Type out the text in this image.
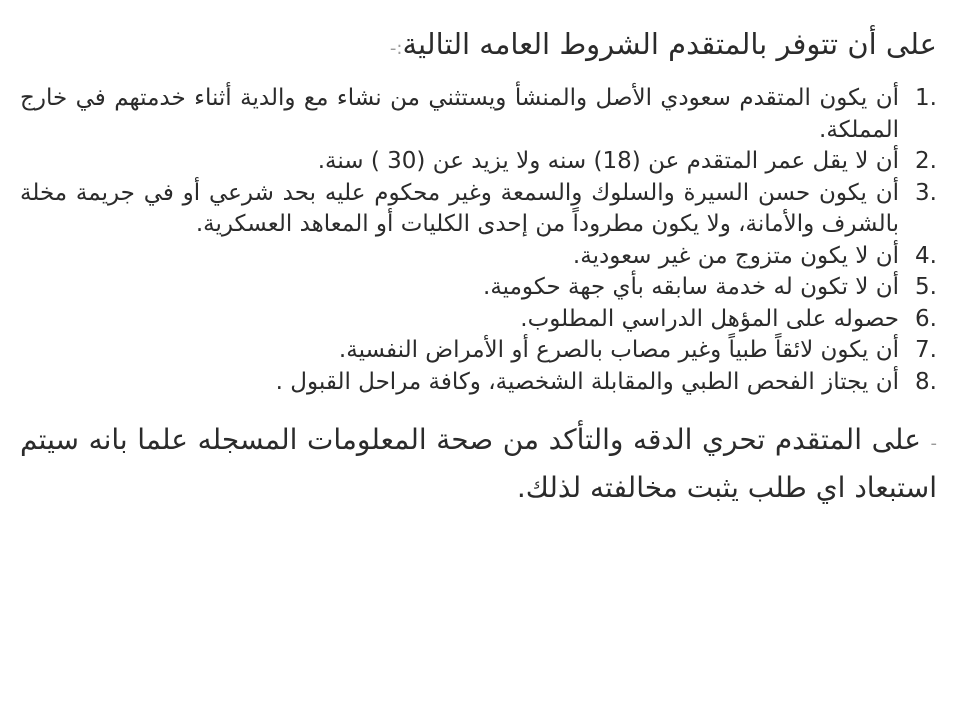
على أن تتوفر بالمتقدم الشروط العامه التالية:-
1.
أن يكون المتقدم سعودي الأصل والمنشأ ويستثني من نشاء مع والدية أثناء خدمتهم في خارج المملكة.
2.
أن لا يقل عمر المتقدم عن (18) سنه ولا يزيد عن (30 ) سنة.
3.
أن يكون حسن السيرة والسلوك والسمعة وغير محكوم عليه بحد شرعي أو في جريمة مخلة بالشرف والأمانة، ولا يكون مطروداً من إحدى الكليات أو المعاهد العسكرية.
4.
أن لا يكون متزوج من غير سعودية.
5.
أن لا تكون له خدمة سابقه بأي جهة حكومية.
6.
حصوله على المؤهل الدراسي المطلوب.
7.
أن يكون لائقاً طبياً وغير مصاب بالصرع أو الأمراض النفسية.
8.
أن يجتاز الفحص الطبي والمقابلة الشخصية، وكافة مراحل القبول .
- على المتقدم تحري الدقه والتأكد من صحة المعلومات المسجله علما بانه سيتم استبعاد اي طلب يثبت مخالفته لذلك.
